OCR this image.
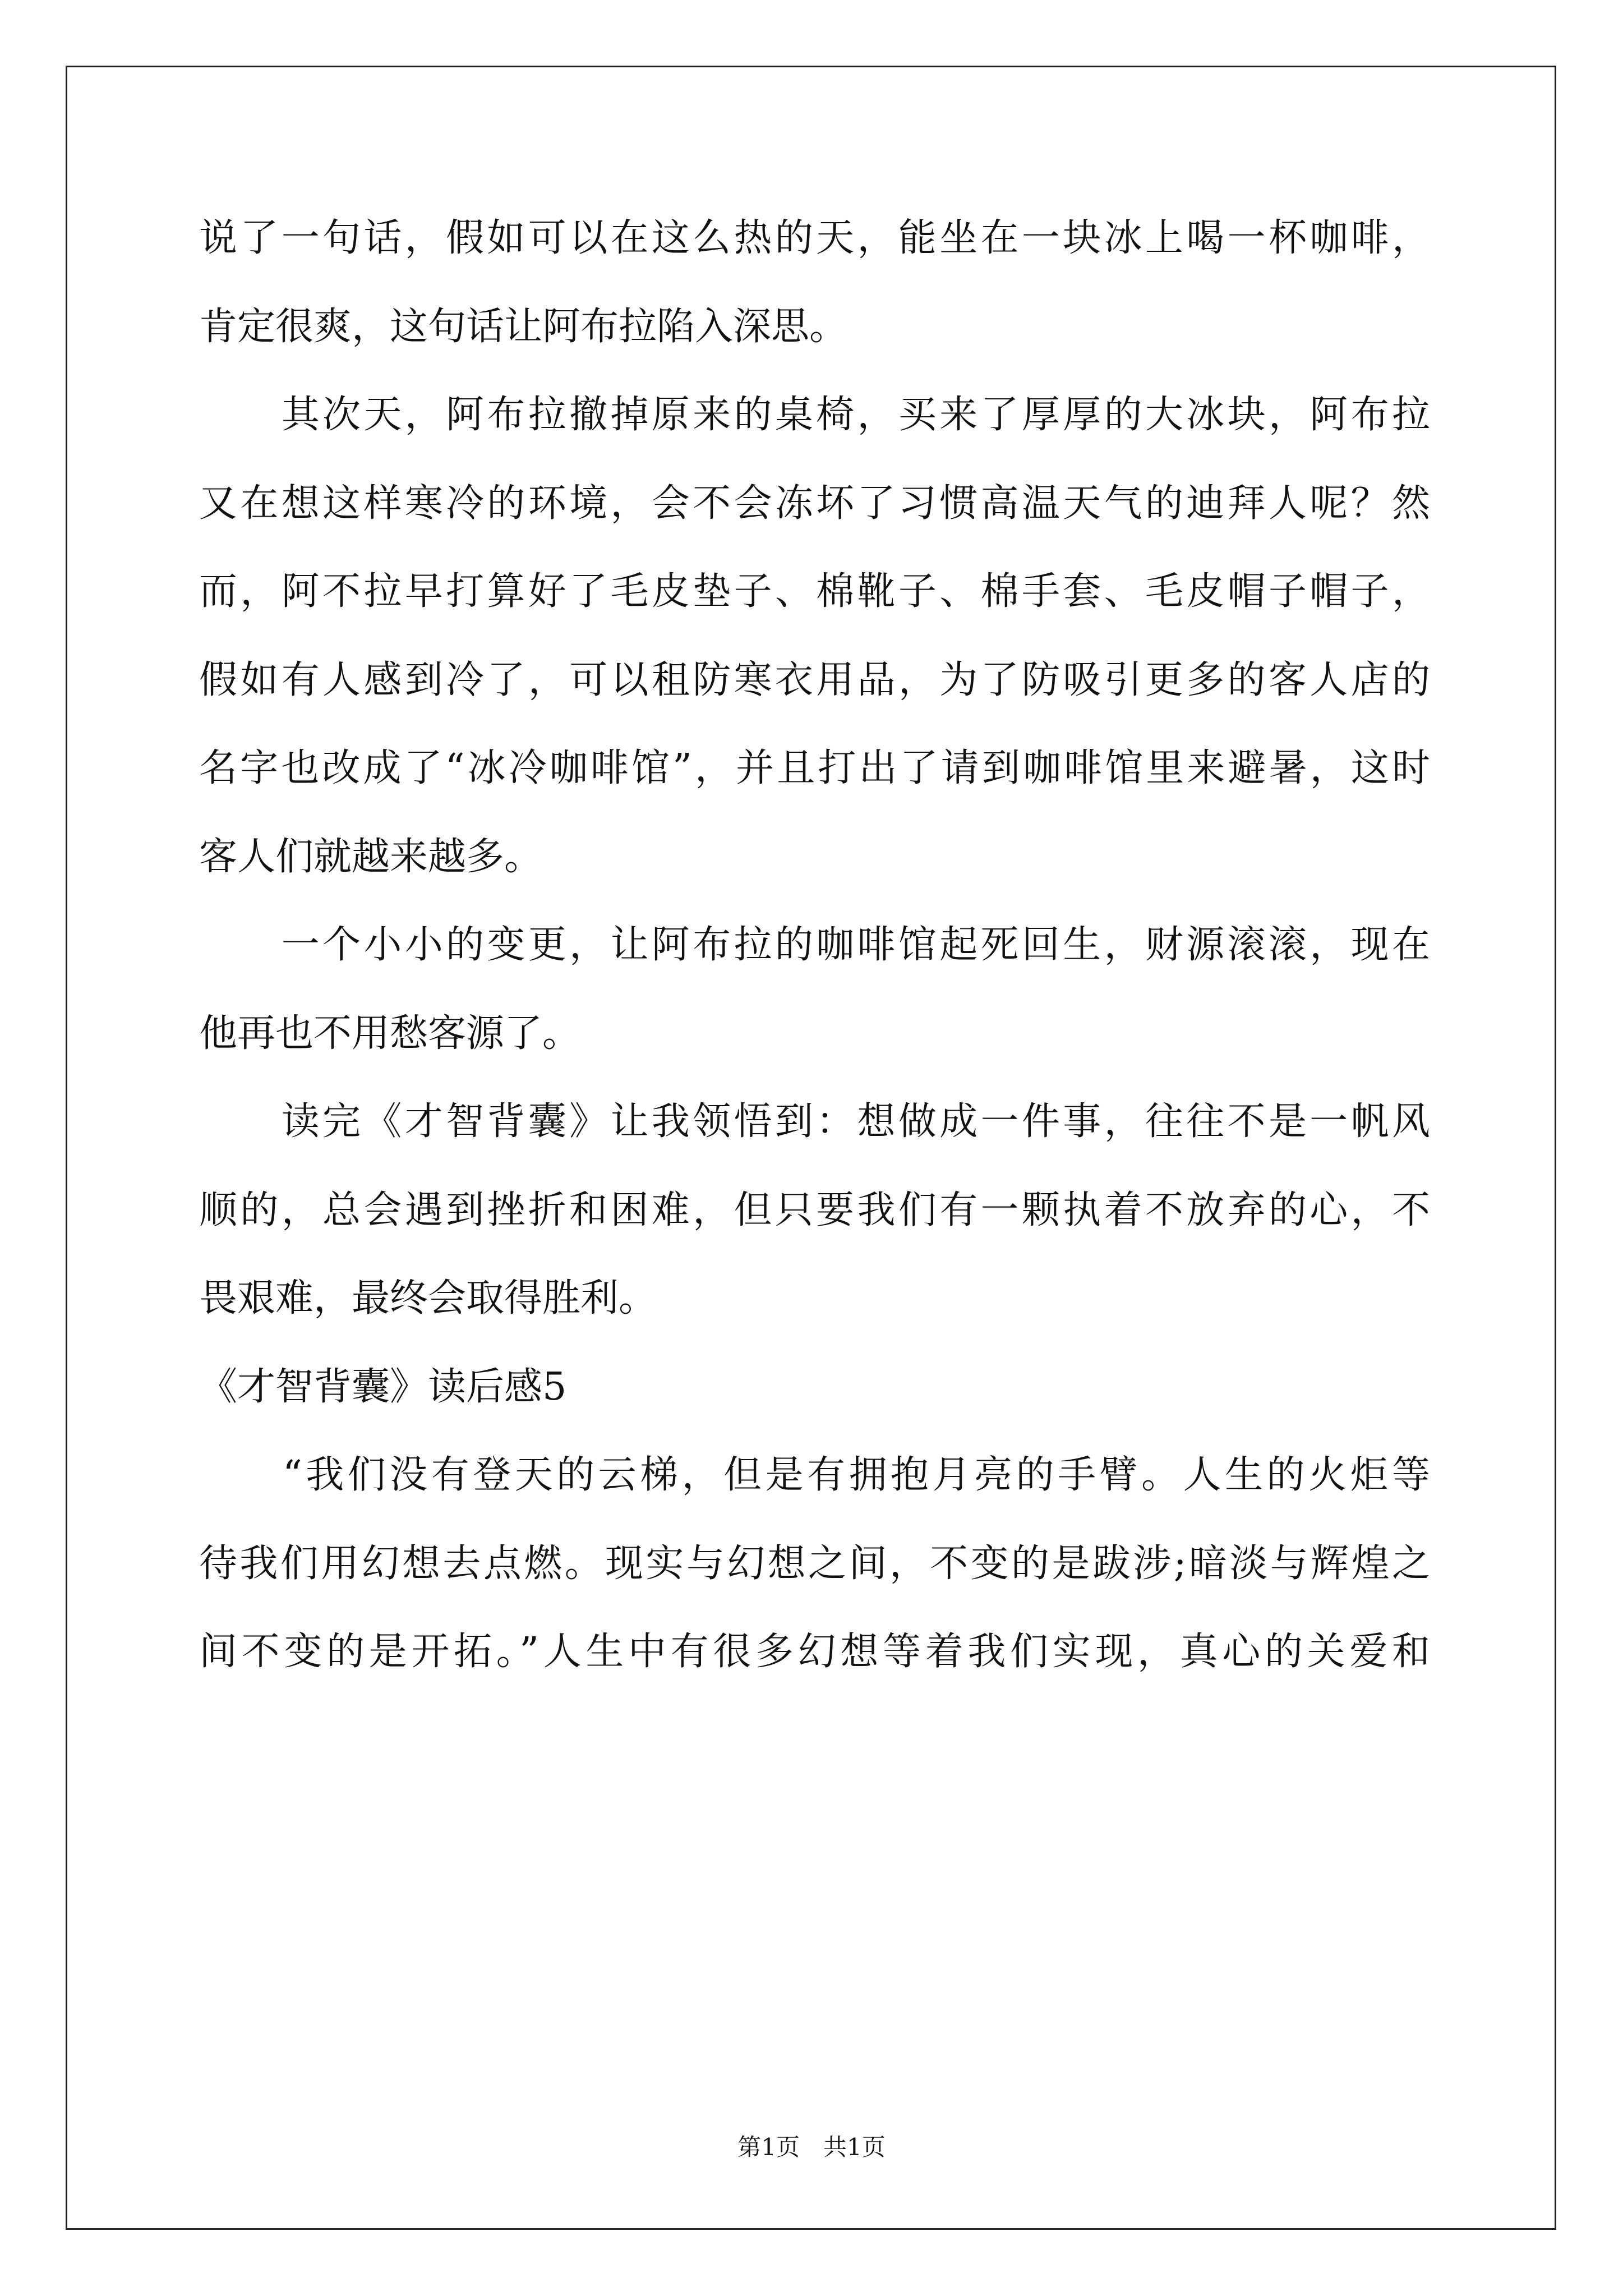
说了一句话，假如可以在这么热的天，能坐在一块冰上喝一杯咖啡，

肯定很爽，这句话让阿布拉陷入深思。

　　其次天，阿布拉撤掉原来的桌椅，买来了厚厚的大冰块，阿布拉

又在想这样寒冷的环境，会不会冻坏了习惯高温天气的迪拜人呢？然

而，阿不拉早打算好了毛皮垫子、棉靴子、棉手套、毛皮帽子帽子，

假如有人感到冷了，可以租防寒衣用品，为了防吸引更多的客人店的

名字也改成了“冰冷咖啡馆”，并且打出了请到咖啡馆里来避暑，这时

客人们就越来越多。

　　一个小小的变更，让阿布拉的咖啡馆起死回生，财源滚滚，现在

他再也不用愁客源了。

　　读完《才智背囊》让我领悟到：想做成一件事，往往不是一帆风

顺的，总会遇到挫折和困难，但只要我们有一颗执着不放弃的心，不

畏艰难，最终会取得胜利。

《才智背囊》读后感5

　　“我们没有登天的云梯，但是有拥抱月亮的手臂。人生的火炬等

待我们用幻想去点燃。现实与幻想之间，不变的是跋涉;暗淡与辉煌之

间不变的是开拓。”人生中有很多幻想等着我们实现，真心的关爱和

第1页　共1页
